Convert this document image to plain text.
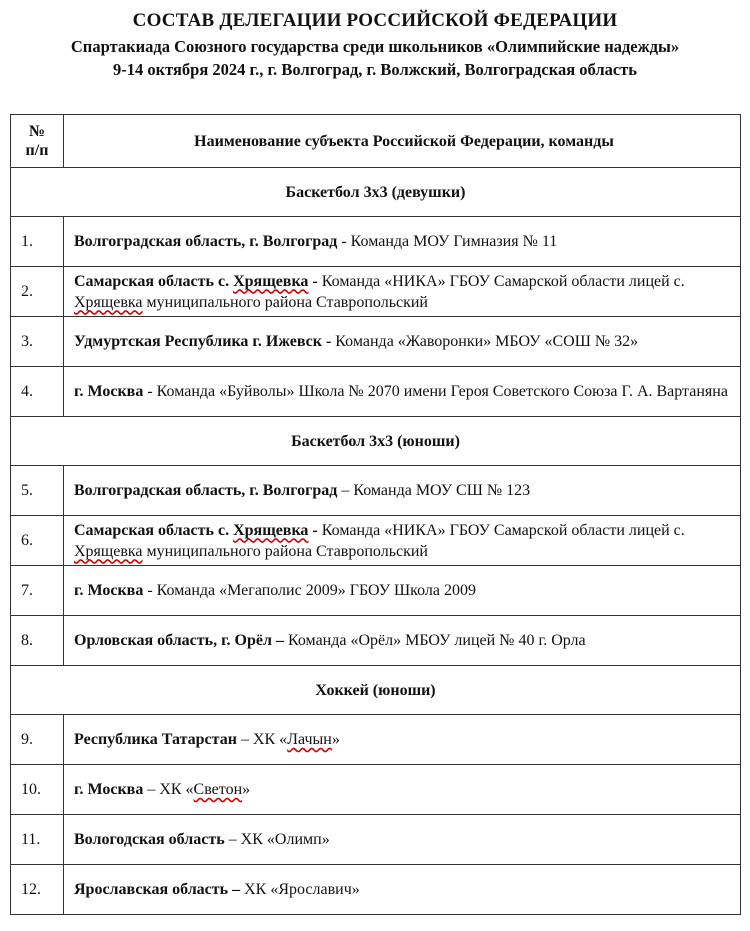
СОСТАВ ДЕЛЕГАЦИИ РОССИЙСКОЙ ФЕДЕРАЦИИ
Спартакиада Союзного государства среди школьников «Олимпийские надежды»
9-14 октября 2024 г., г. Волгоград, г. Волжский, Волгоградская область
№
п/п	Наименование субъекта Российской Федерации, команды
Баскетбол 3x3 (девушки)	
1.	Волгоградская область, г. Волгоград - Команда МОУ Гимназия № 11
2.	Самарская область с. Хрящевка - Команда «НИКА» ГБОУ Самарской области лицей с. Хрящевка муниципального района Ставропольский
3.	Удмуртская Республика г. Ижевск - Команда «Жаворонки» МБОУ «СОШ № 32»
4.	г. Москва - Команда «Буйволы» Школа № 2070 имени Героя Советского Союза Г. А. Вартаняна
Баскетбол 3x3 (юноши)	
5.	Волгоградская область, г. Волгоград – Команда МОУ СШ № 123
6.	Самарская область с. Хрящевка - Команда «НИКА» ГБОУ Самарской области лицей с. Хрящевка муниципального района Ставропольский
7.	г. Москва - Команда «Мегаполис 2009» ГБОУ Школа 2009
8.	Орловская область, г. Орёл – Команда «Орёл» МБОУ лицей № 40 г. Орла
Хоккей (юноши)	
9.	Республика Татарстан – ХК «Лачын»
10.	г. Москва – ХК «Светон»
11.	Вологодская область – ХК «Олимп»
12.	Ярославская область – ХК «Ярославич»
